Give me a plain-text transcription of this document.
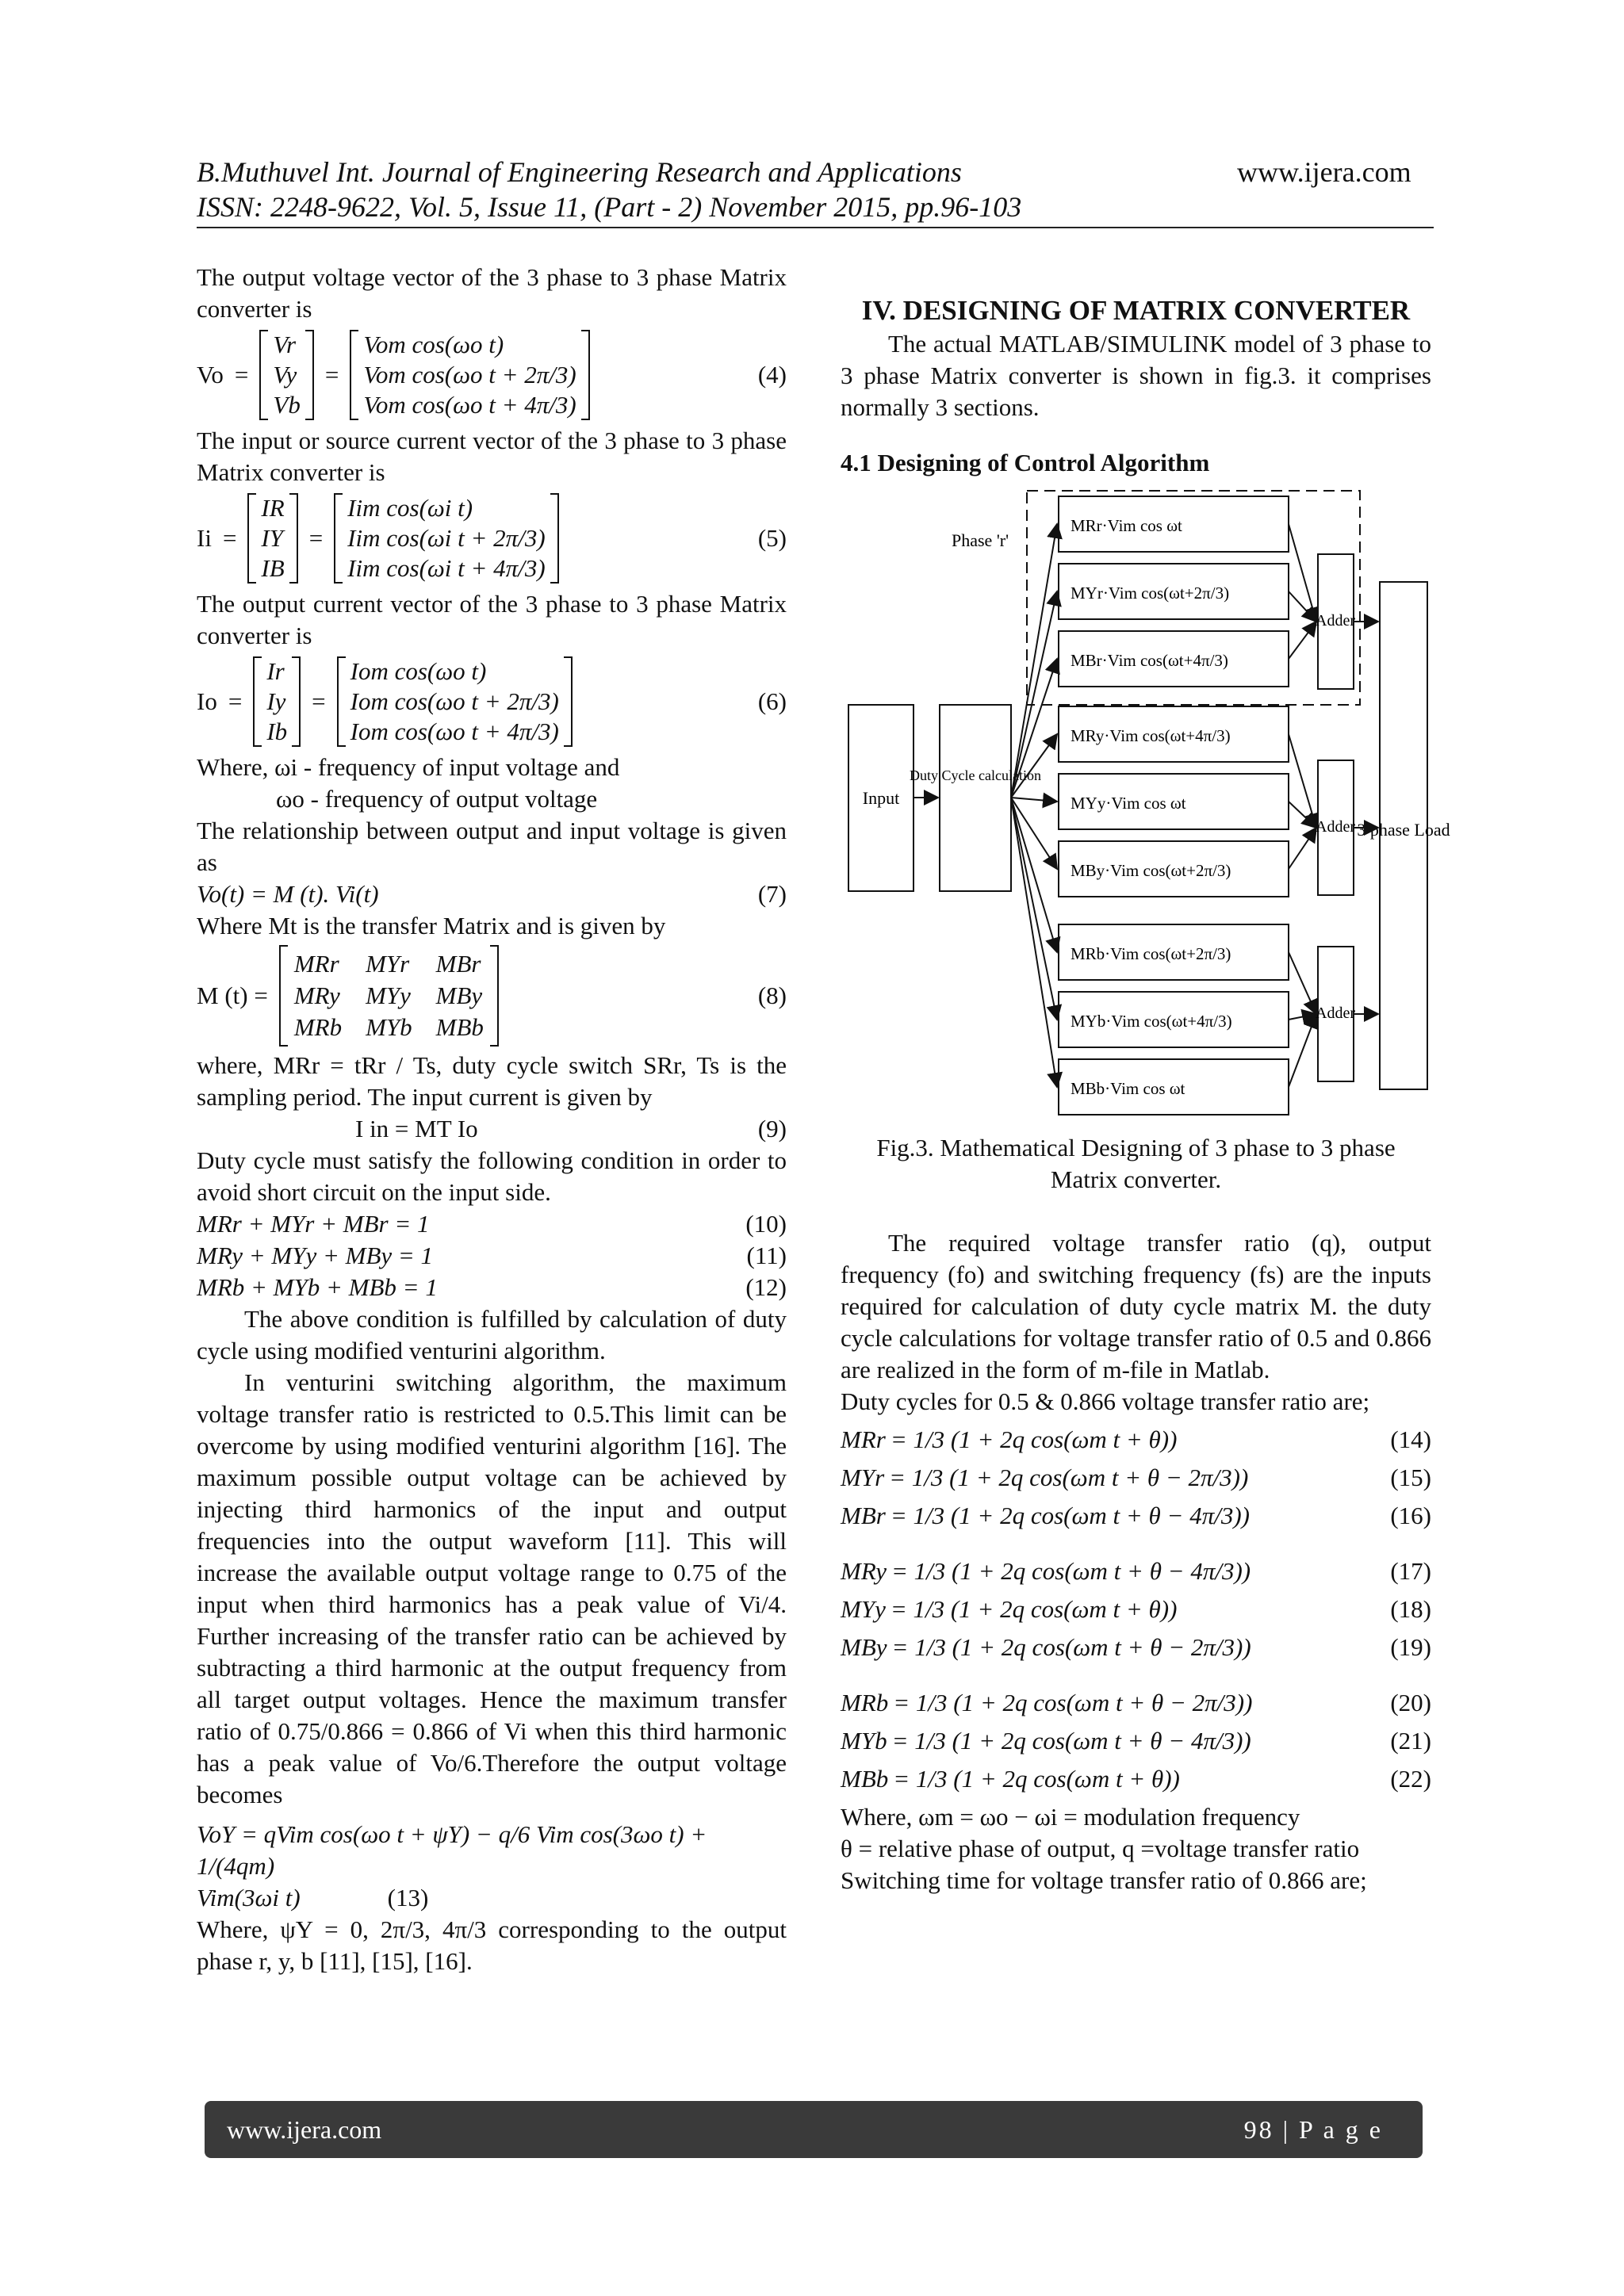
B.Muthuvel Int. Journal of Engineering Research and Applications	www.ijera.com
ISSN: 2248-9622, Vol. 5, Issue 11, (Part - 2) November 2015, pp.96-103

The output voltage vector of the 3 phase to 3 phase Matrix converter is

Vo =
Vr
Vy
Vb
=
Vom cos(ωo t)
Vom cos(ωo t + 2π/3)
Vom cos(ωo t + 4π/3)
(4)

The input or source current vector of the 3 phase to 3 phase Matrix converter is

Ii =
IR
IY
IB
=
Iim cos(ωi t)
Iim cos(ωi t + 2π/3)
Iim cos(ωi t + 4π/3)
(5)

The output current vector of the 3 phase to 3 phase Matrix converter is

Io =
Ir
Iy
Ib
=
Iom cos(ωo t)
Iom cos(ωo t + 2π/3)
Iom cos(ωo t + 4π/3)
(6)

Where, ωi - frequency of input voltage and

ωo - frequency of output voltage

The relationship between output and input voltage is given as

Vo(t) = M (t). Vi(t)	(7)

Where Mt is the transfer Matrix and is given by

M (t) =
MRr MYr MBr
MRy MYy MBy
MRb MYb MBb
(8)

where, MRr = tRr / Ts, duty cycle switch SRr, Ts is the sampling period. The input current is given by

I in = MT Io	(9)

Duty cycle must satisfy the following condition in order to avoid short circuit on the input side.

MRr + MYr + MBr = 1	(10)
MRy + MYy + MBy = 1	(11)
MRb + MYb + MBb = 1	(12)

The above condition is fulfilled by calculation of duty cycle using modified venturini algorithm.

In venturini switching algorithm, the maximum voltage transfer ratio is restricted to 0.5.This limit can be overcome by using modified venturini algorithm [16]. The maximum possible output voltage can be achieved by injecting third harmonics of the input and output frequencies into the output waveform [11]. This will increase the available output voltage range to 0.75 of the input when third harmonics has a peak value of Vi/4. Further increasing of the transfer ratio can be achieved by subtracting a third harmonic at the output frequency from all target output voltages. Hence the maximum transfer ratio of 0.75/0.866 = 0.866 of Vi when this third harmonic has a peak value of Vo/6.Therefore the output voltage becomes

VoY = qVim cos(ωo t + ψY) − q/6 Vim cos(3ωo t) + 1/(4qm)

Vim(3ωi t)	(13)

Where, ψY = 0, 2π/3, 4π/3 corresponding to the output phase r, y, b [11], [15], [16].

IV. DESIGNING OF MATRIX CONVERTER

The actual MATLAB/SIMULINK model of 3 phase to 3 phase Matrix converter is shown in fig.3. it comprises normally 3 sections.

4.1 Designing of Control Algorithm
Phase 'r'
Input
Duty Cycle calculation
MRr·Vim cos ωt
MYr·Vim cos(ωt+2π/3)
MBr·Vim cos(ωt+4π/3)
MRy·Vim cos(ωt+4π/3)
MYy·Vim cos ωt
MBy·Vim cos(ωt+2π/3)
MRb·Vim cos(ωt+2π/3)
MYb·Vim cos(ωt+4π/3)
MBb·Vim cos ωt
Adder
Adder
Adder
3 phase Load

Fig.3. Mathematical Designing of 3 phase to 3 phase Matrix converter.

The required voltage transfer ratio (q), output frequency (fo) and switching frequency (fs) are the inputs required for calculation of duty cycle matrix M. the duty cycle calculations for voltage transfer ratio of 0.5 and 0.866 are realized in the form of m-file in Matlab.

Duty cycles for 0.5 & 0.866 voltage transfer ratio are;

MRr = 1/3 (1 + 2q cos(ωm t + θ))	(14)
MYr = 1/3 (1 + 2q cos(ωm t + θ − 2π/3))	(15)
MBr = 1/3 (1 + 2q cos(ωm t + θ − 4π/3))	(16)
MRy = 1/3 (1 + 2q cos(ωm t + θ − 4π/3))	(17)
MYy = 1/3 (1 + 2q cos(ωm t + θ))	(18)
MBy = 1/3 (1 + 2q cos(ωm t + θ − 2π/3))	(19)
MRb = 1/3 (1 + 2q cos(ωm t + θ − 2π/3))	(20)
MYb = 1/3 (1 + 2q cos(ωm t + θ − 4π/3))	(21)
MBb = 1/3 (1 + 2q cos(ωm t + θ))	(22)

Where, ωm = ωo − ωi = modulation frequency

θ = relative phase of output, q =voltage transfer ratio

Switching time for voltage transfer ratio of 0.866 are;

www.ijera.com	98 | P a g e
